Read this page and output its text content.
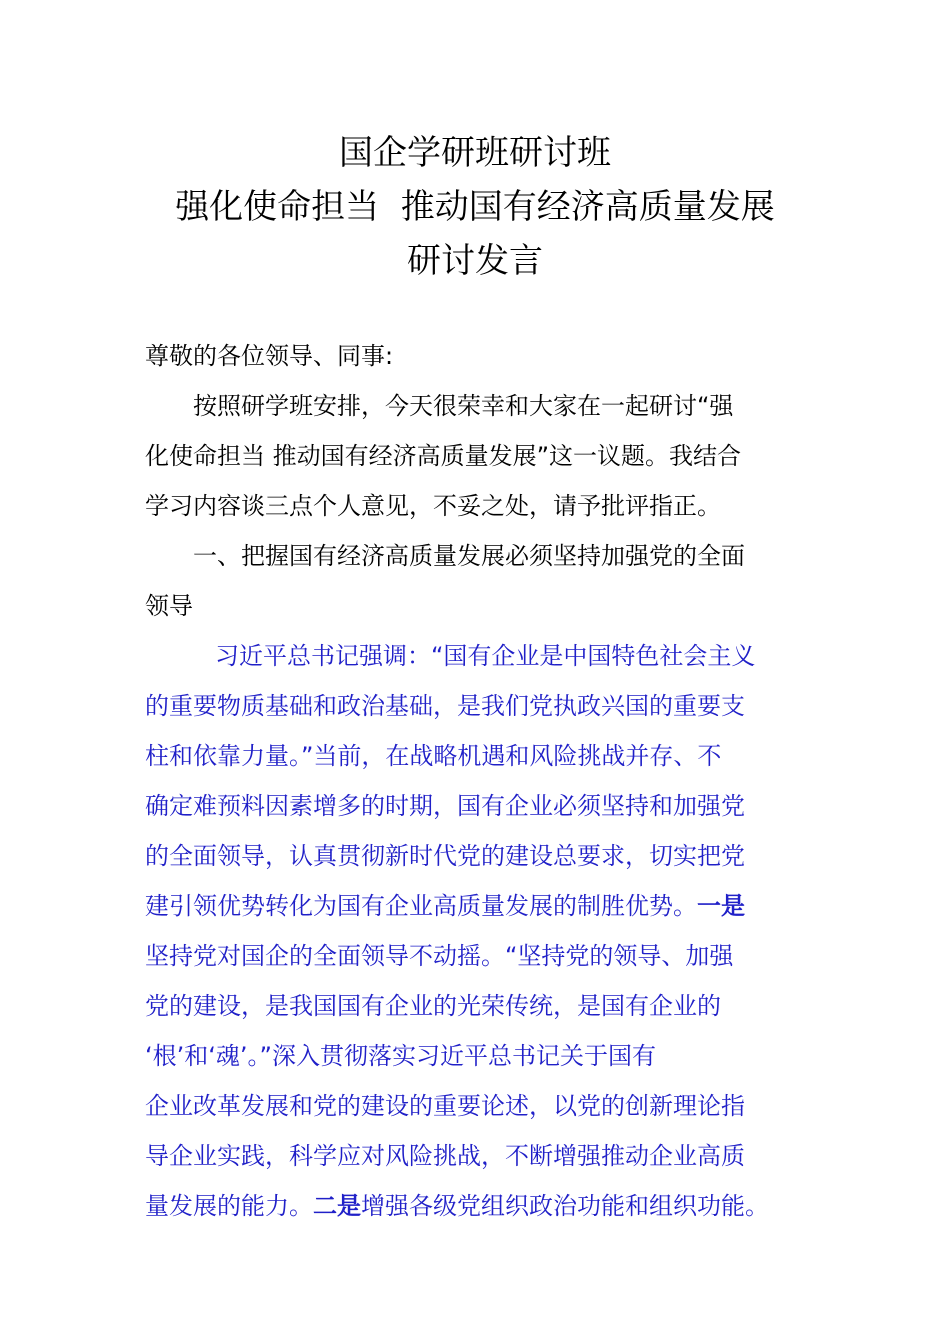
国企学研班研讨班
强化使命担当  推动国有经济高质量发展
研讨发言
尊敬的各位领导、同事:
按照研学班安排，今天很荣幸和大家在一起研讨“强
化使命担当 推动国有经济高质量发展”这一议题。我结合
学习内容谈三点个人意见，不妥之处，请予批评指正。
一、把握国有经济高质量发展必须坚持加强党的全面
领导
习近平总书记强调：“国有企业是中国特色社会主义
的重要物质基础和政治基础，是我们党执政兴国的重要支
柱和依靠力量。”当前，在战略机遇和风险挑战并存、不
确定难预料因素增多的时期，国有企业必须坚持和加强党
的全面领导，认真贯彻新时代党的建设总要求，切实把党
建引领优势转化为国有企业高质量发展的制胜优势。一是
坚持党对国企的全面领导不动摇。“坚持党的领导、加强
党的建设，是我国国有企业的光荣传统，是国有企业的
‘根’和‘魂’。”深入贯彻落实习近平总书记关于国有
企业改革发展和党的建设的重要论述，以党的创新理论指
导企业实践，科学应对风险挑战，不断增强推动企业高质
量发展的能力。二是增强各级党组织政治功能和组织功能。
